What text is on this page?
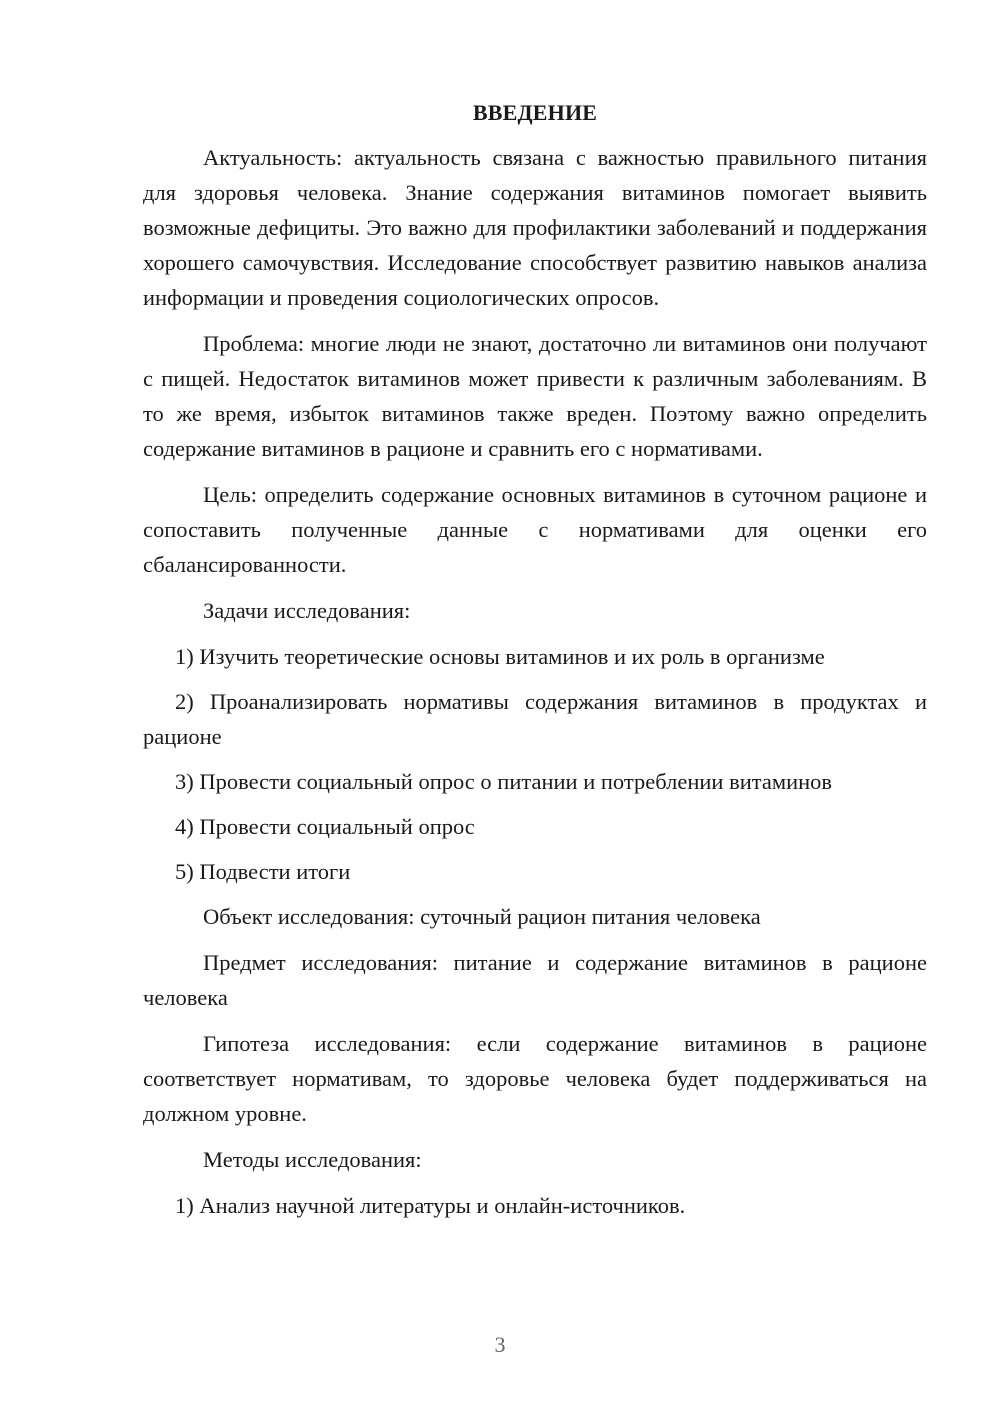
ВВЕДЕНИЕ

Актуальность: актуальность связана с важностью правильного питания для здоровья человека. Знание содержания витаминов помогает выявить возможные дефициты. Это важно для профилактики заболеваний и поддержания хорошего самочувствия. Исследование способствует развитию навыков анализа информации и проведения социологических опросов.

Проблема: многие люди не знают, достаточно ли витаминов они получают с пищей. Недостаток витаминов может привести к различным заболеваниям. В то же время, избыток витаминов также вреден. Поэтому важно определить содержание витаминов в рационе и сравнить его с нормативами.

Цель: определить содержание основных витаминов в суточном рационе и сопоставить полученные данные с нормативами для оценки его сбалансированности.

Задачи исследования:

1) Изучить теоретические основы витаминов и их роль в организме

2) Проанализировать нормативы содержания витаминов в продуктах и рационе

3) Провести социальный опрос о питании и потреблении витаминов

4) Провести социальный опрос

5) Подвести итоги

Объект исследования: суточный рацион питания человека

Предмет исследования: питание и содержание витаминов в рационе человека

Гипотеза исследования: если содержание витаминов в рационе соответствует нормативам, то здоровье человека будет поддерживаться на должном уровне.

Методы исследования:

1) Анализ научной литературы и онлайн-источников.

3
